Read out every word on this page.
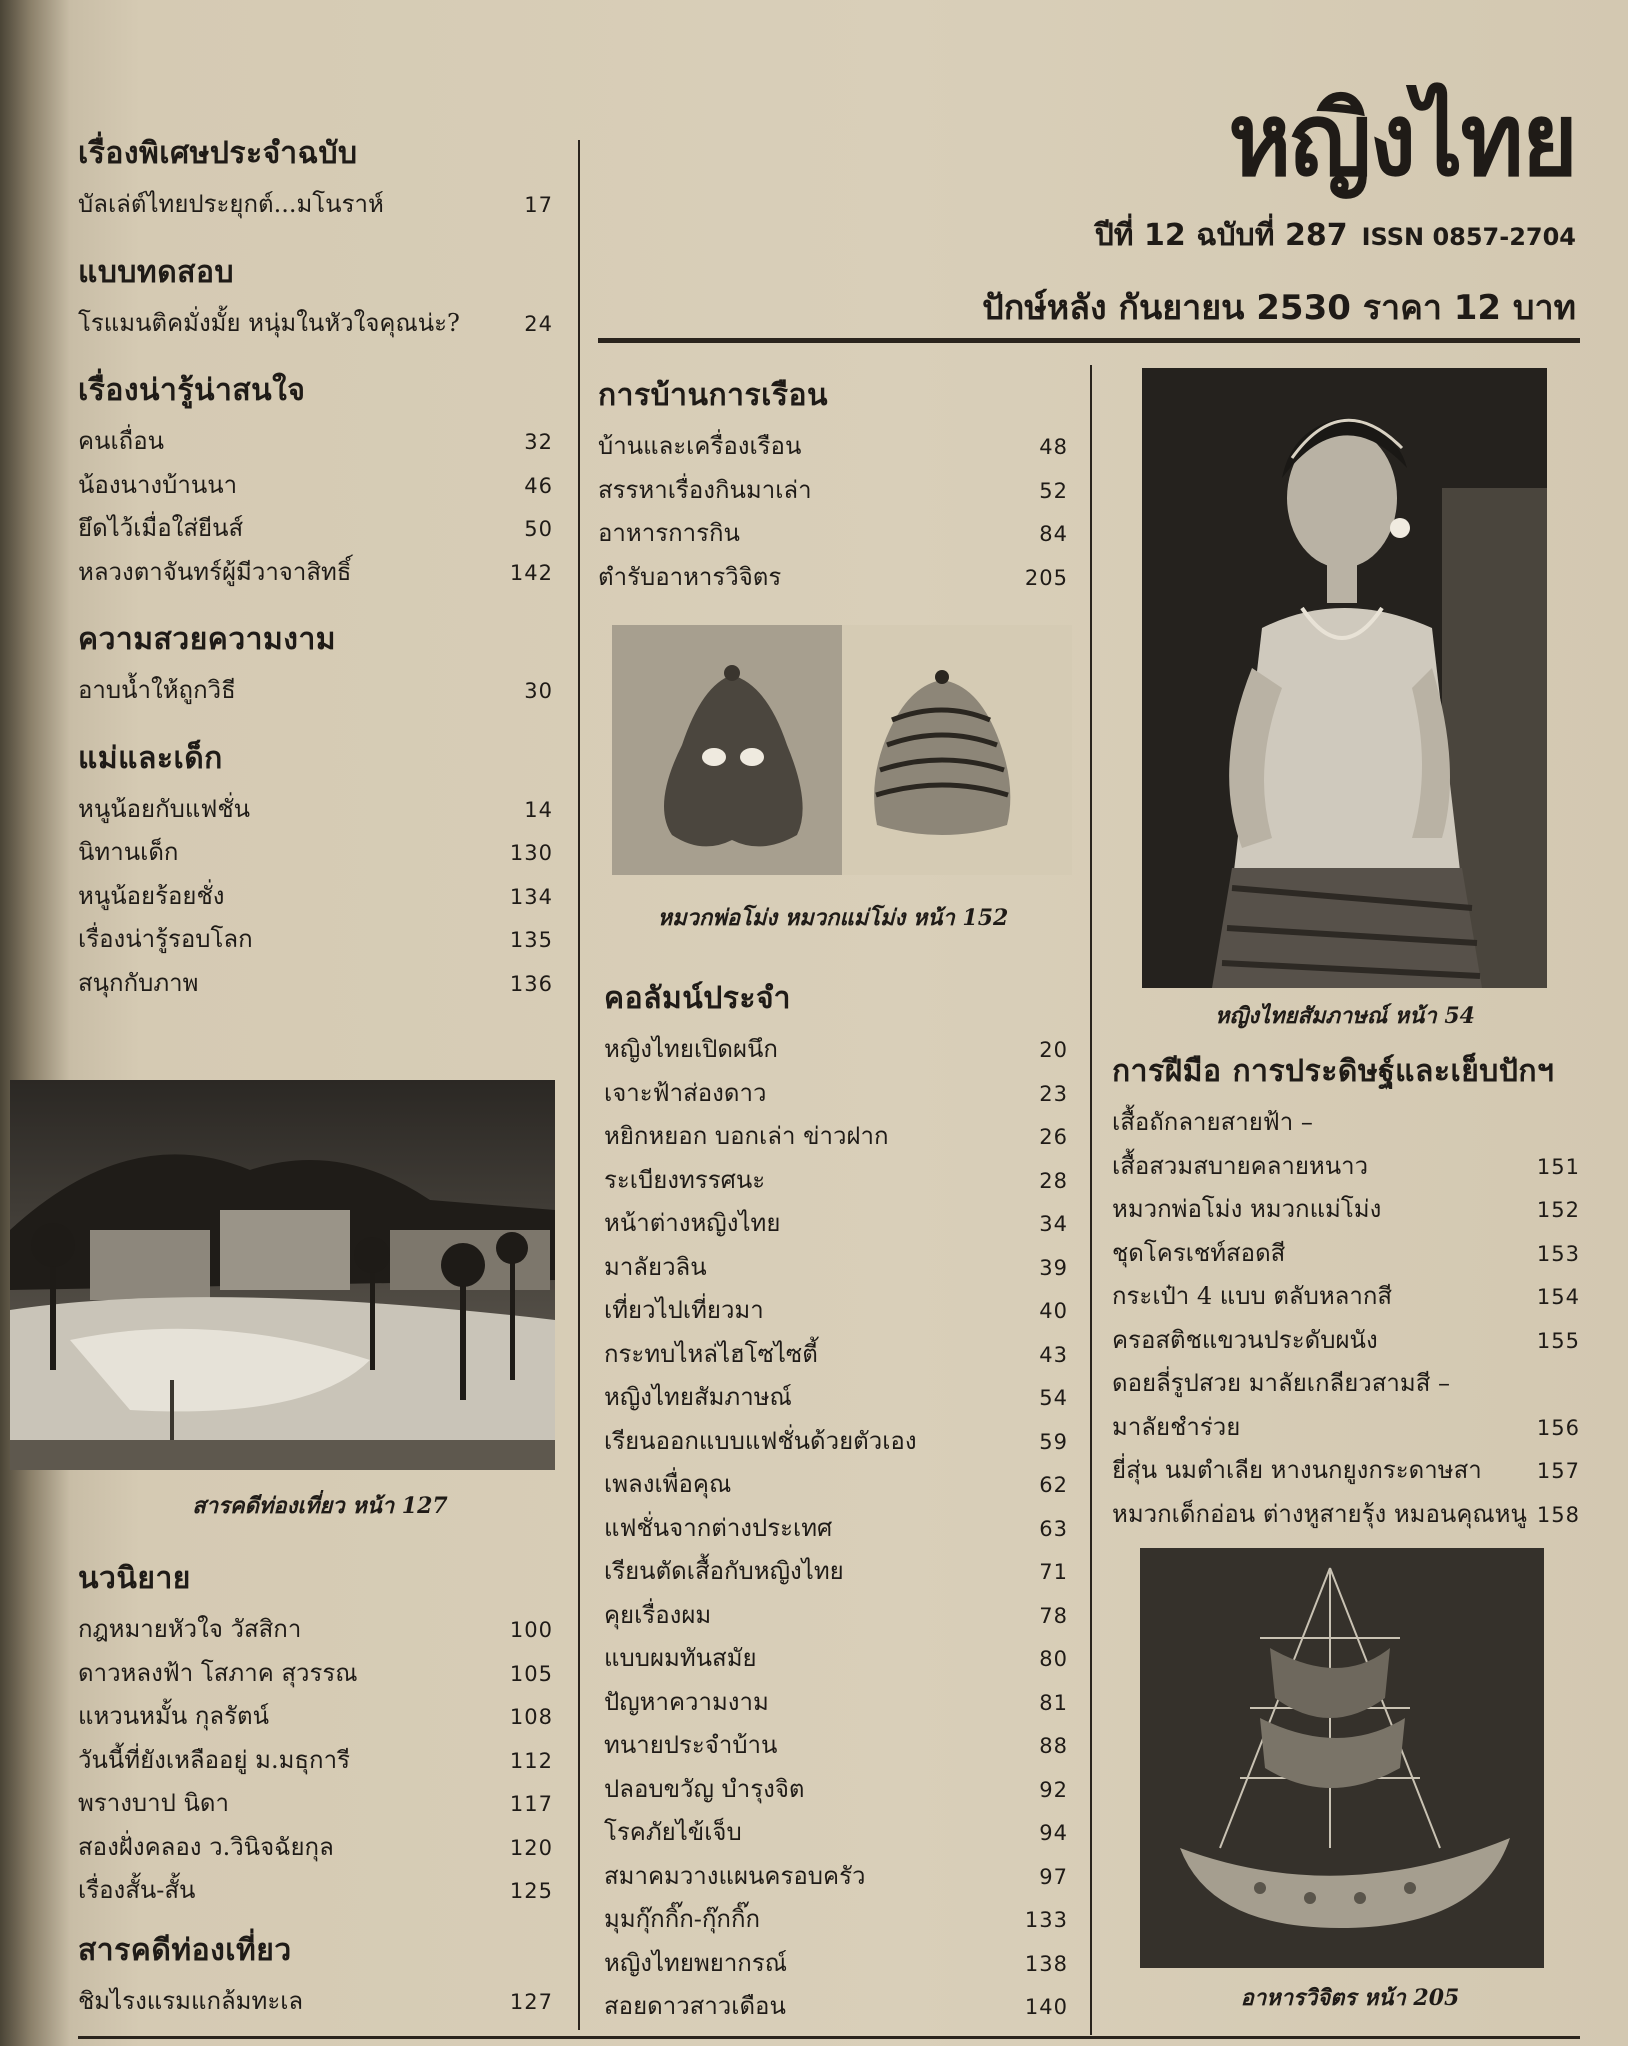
หญิงไทย
ปีที่ 12 ฉบับที่ 287 ISSN 0857-2704
ปักษ์หลัง กันยายน 2530 ราคา 12 บาท
เรื่องพิเศษประจำฉบับ
บัลเล่ต์ไทยประยุกต์...มโนราห์	17
แบบทดสอบ
โรแมนติคมั่งมั้ย หนุ่มในหัวใจคุณน่ะ?	24
เรื่องน่ารู้น่าสนใจ
คนเถื่อน	32
น้องนางบ้านนา	46
ยึดไว้เมื่อใส่ยีนส์	50
หลวงตาจันทร์ผู้มีวาจาสิทธิ์	142
ความสวยความงาม
อาบน้ำให้ถูกวิธี	30
แม่และเด็ก
หนูน้อยกับแฟชั่น	14
นิทานเด็ก	130
หนูน้อยร้อยชั่ง	134
เรื่องน่ารู้รอบโลก	135
สนุกกับภาพ	136
สารคดีท่องเที่ยว หน้า 127
นวนิยาย
กฎหมายหัวใจ วัสสิกา	100
ดาวหลงฟ้า โสภาค สุวรรณ	105
แหวนหมั้น กุลรัตน์	108
วันนี้ที่ยังเหลืออยู่ ม.มธุการี	112
พรางบาป นิดา	117
สองฝั่งคลอง ว.วินิจฉัยกุล	120
เรื่องสั้น-สั้น	125
สารคดีท่องเที่ยว
ชิมไรงแรมแกล้มทะเล	127
การบ้านการเรือน
บ้านและเครื่องเรือน	48
สรรหาเรื่องกินมาเล่า	52
อาหารการกิน	84
ตำรับอาหารวิจิตร	205
หมวกพ่อโม่ง หมวกแม่โม่ง หน้า 152
คอลัมน์ประจำ
หญิงไทยเปิดผนึก	20
เจาะฟ้าส่องดาว	23
หยิกหยอก บอกเล่า ข่าวฝาก	26
ระเบียงทรรศนะ	28
หน้าต่างหญิงไทย	34
มาลัยวลิน	39
เที่ยวไปเที่ยวมา	40
กระทบไหล่ไฮโซไซตี้	43
หญิงไทยสัมภาษณ์	54
เรียนออกแบบแฟชั่นด้วยตัวเอง	59
เพลงเพื่อคุณ	62
แฟชั่นจากต่างประเทศ	63
เรียนตัดเสื้อกับหญิงไทย	71
คุยเรื่องผม	78
แบบผมทันสมัย	80
ปัญหาความงาม	81
ทนายประจำบ้าน	88
ปลอบขวัญ บำรุงจิต	92
โรคภัยไข้เจ็บ	94
สมาคมวางแผนครอบครัว	97
มุมกุ๊กกิ๊ก-กุ๊กกิ๊ก	133
หญิงไทยพยากรณ์	138
สอยดาวสาวเดือน	140
หญิงไทยสัมภาษณ์ หน้า 54
การฝีมือ การประดิษฐ์และเย็บปักฯ
เสื้อถักลายสายฟ้า –
เสื้อสวมสบายคลายหนาว	151
หมวกพ่อโม่ง หมวกแม่โม่ง	152
ชุดโครเชท์สอดสี	153
กระเป๋า 4 แบบ ตลับหลากสี	154
ครอสติชแขวนประดับผนัง	155
ดอยลี่รูปสวย มาลัยเกลียวสามสี –
มาลัยชำร่วย	156
ยี่สุ่น นมตำเลีย หางนกยูงกระดาษสา	157
หมวกเด็กอ่อน ต่างหูสายรุ้ง หมอนคุณหนู 158
อาหารวิจิตร หน้า 205
